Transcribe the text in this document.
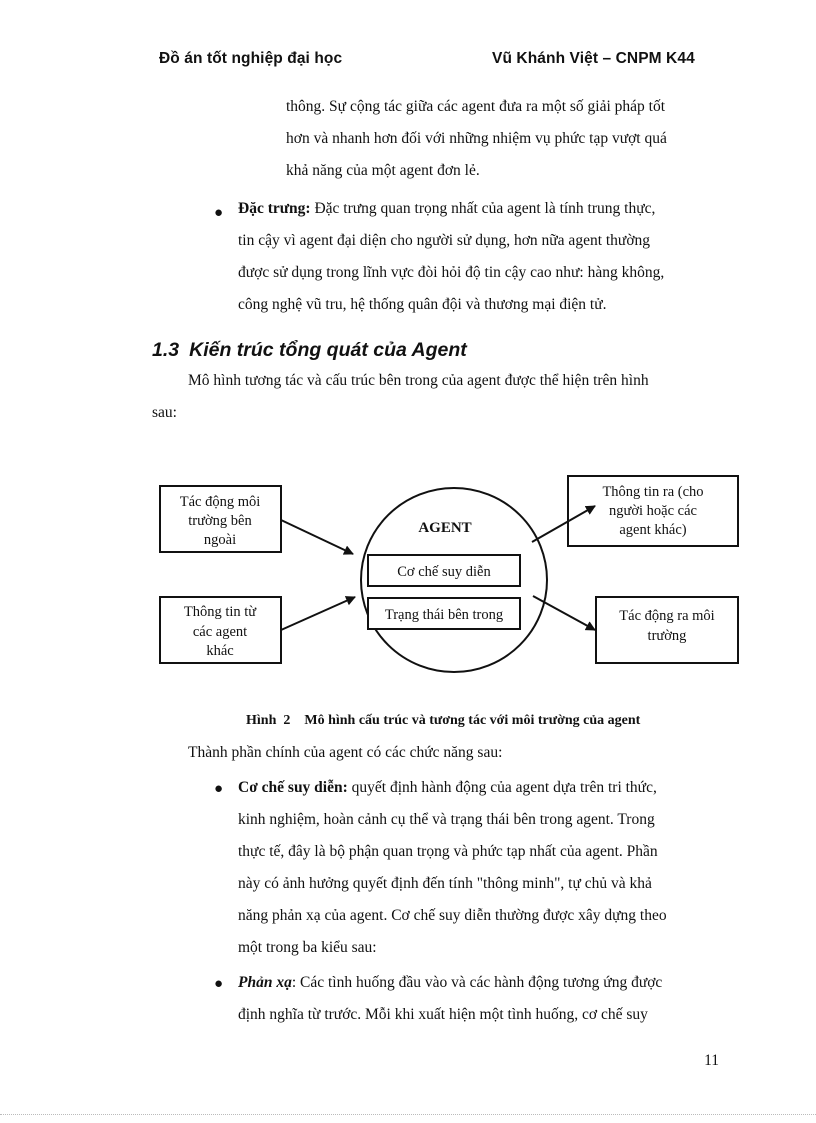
Đồ án tốt nghiệp đại học	Vũ Khánh Việt – CNPM K44
thông. Sự cộng tác giữa các agent đưa ra một số giải pháp tốt
hơn và nhanh hơn đối với những nhiệm vụ phức tạp vượt quá
khả năng của một agent đơn lẻ.
● Đặc trưng: Đặc trưng quan trọng nhất của agent là tính trung thực,
tin cậy vì agent đại diện cho người sử dụng, hơn nữa agent thường
được sử dụng trong lĩnh vực đòi hỏi độ tin cậy cao như: hàng không,
công nghệ vũ tru, hệ thống quân đội và thương mại điện tử.
1.3 Kiến trúc tổng quát của Agent
Mô hình tương tác và cấu trúc bên trong của agent được thể hiện trên hình
sau:
Tác động môi
trường bên
ngoài
Thông tin từ
các agent
khác
AGENT
Cơ chế suy diễn
Trạng thái bên trong
Thông tin ra (cho
người hoặc các
agent khác)
Tác động ra môi
trường
Hình  2    Mô hình cấu trúc và tương tác với môi trường của agent
Thành phần chính của agent có các chức năng sau:
● Cơ chế suy diễn: quyết định hành động của agent dựa trên tri thức,
kinh nghiệm, hoàn cảnh cụ thể và trạng thái bên trong agent. Trong
thực tế, đây là bộ phận quan trọng và phức tạp nhất của agent. Phần
này có ảnh hưởng quyết định đến tính "thông minh", tự chủ và khả
năng phản xạ của agent. Cơ chế suy diễn thường được xây dựng theo
một trong ba kiểu sau:
● Phản xạ: Các tình huống đầu vào và các hành động tương ứng được
định nghĩa từ trước. Mỗi khi xuất hiện một tình huống, cơ chế suy
11
